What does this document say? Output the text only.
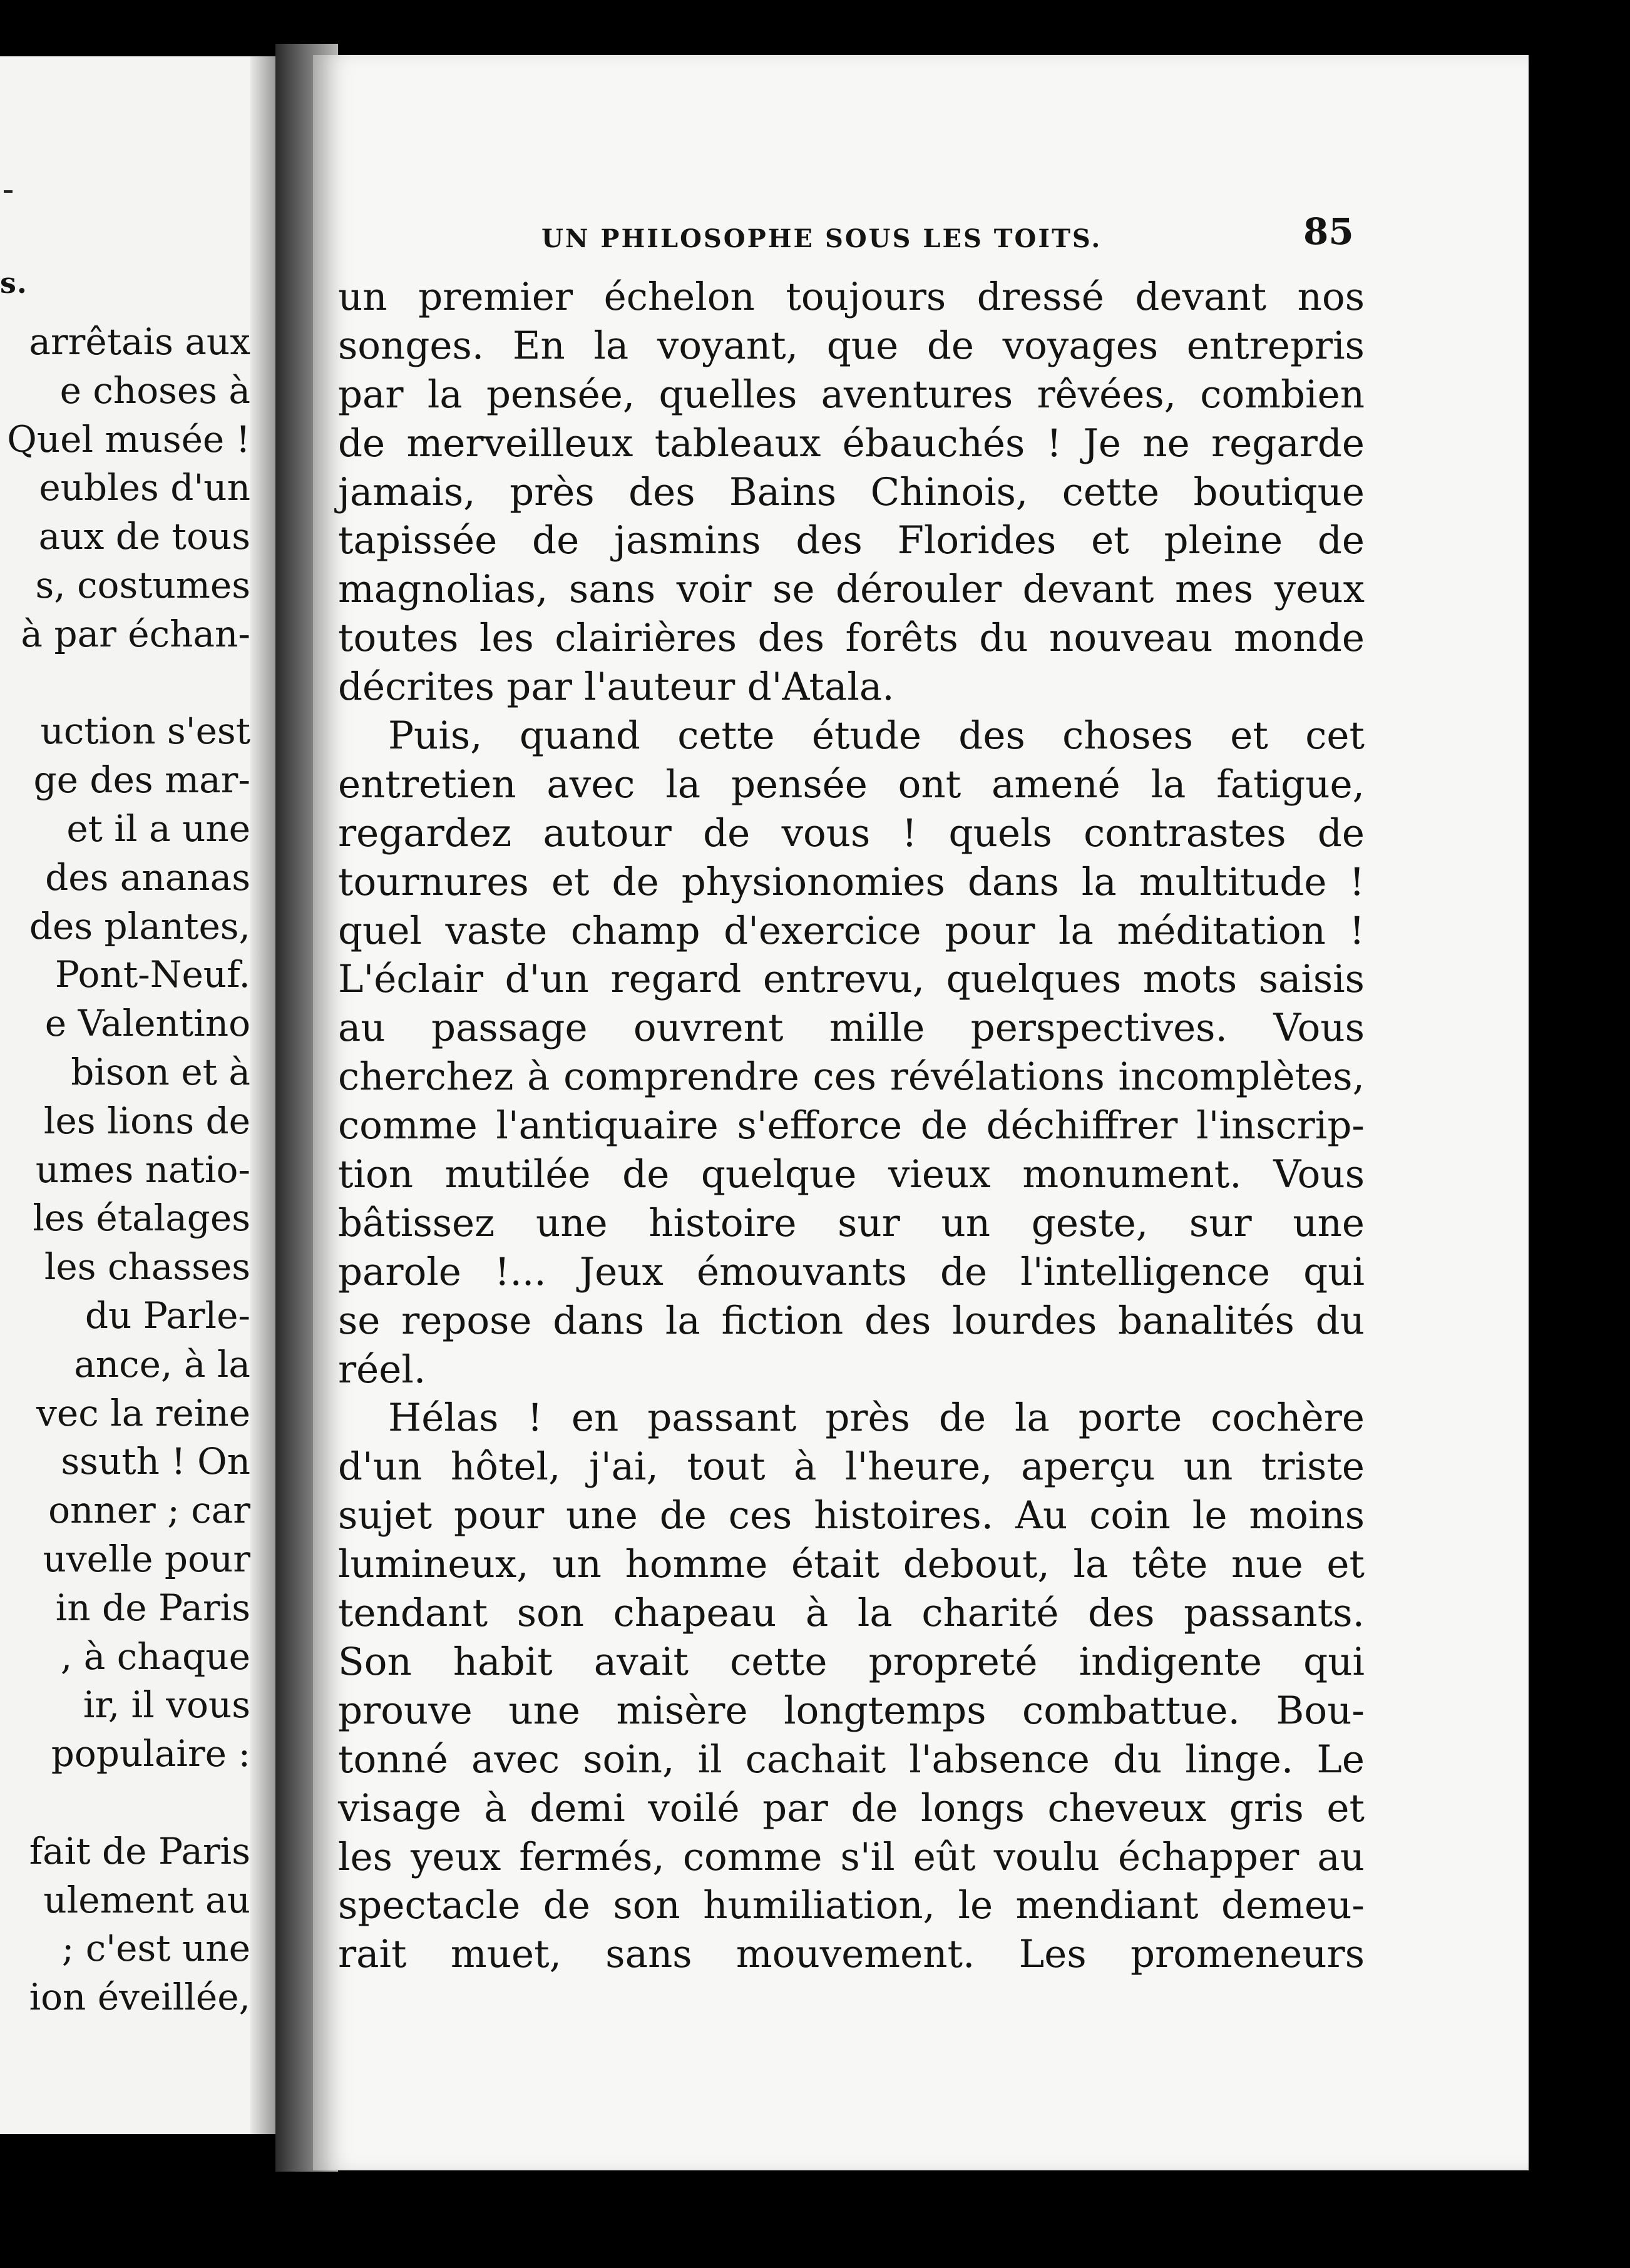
s.
arrêtais aux
e choses à
Quel musée !
eubles d'un
aux de tous
s, costumes
à par échan-
uction s'est
ge des mar-
et il a une
des ananas
des plantes,
Pont-Neuf.
e Valentino
bison et à
les lions de
umes natio-
les étalages
les chasses
du Parle-
ance, à la
vec la reine
ssuth ! On
onner ; car
uvelle pour
in de Paris
, à chaque
ir, il vous
populaire :
fait de Paris
ulement au
; c'est une
ion éveillée,
UN PHILOSOPHE SOUS LES TOITS.	85
un premier échelon toujours dressé devant nos
songes. En la voyant, que de voyages entrepris
par la pensée, quelles aventures rêvées, combien
de merveilleux tableaux ébauchés ! Je ne regarde
jamais, près des Bains Chinois, cette boutique
tapissée de jasmins des Florides et pleine de
magnolias, sans voir se dérouler devant mes yeux
toutes les clairières des forêts du nouveau monde
décrites par l'auteur d'Atala.
Puis, quand cette étude des choses et cet
entretien avec la pensée ont amené la fatigue,
regardez autour de vous ! quels contrastes de
tournures et de physionomies dans la multitude !
quel vaste champ d'exercice pour la méditation !
L'éclair d'un regard entrevu, quelques mots saisis
au passage ouvrent mille perspectives. Vous
cherchez à comprendre ces révélations incomplètes,
comme l'antiquaire s'efforce de déchiffrer l'inscrip-
tion mutilée de quelque vieux monument. Vous
bâtissez une histoire sur un geste, sur une
parole !... Jeux émouvants de l'intelligence qui
se repose dans la fiction des lourdes banalités du
réel.
Hélas ! en passant près de la porte cochère
d'un hôtel, j'ai, tout à l'heure, aperçu un triste
sujet pour une de ces histoires. Au coin le moins
lumineux, un homme était debout, la tête nue et
tendant son chapeau à la charité des passants.
Son habit avait cette propreté indigente qui
prouve une misère longtemps combattue. Bou-
tonné avec soin, il cachait l'absence du linge. Le
visage à demi voilé par de longs cheveux gris et
les yeux fermés, comme s'il eût voulu échapper au
spectacle de son humiliation, le mendiant demeu-
rait muet, sans mouvement. Les promeneurs
